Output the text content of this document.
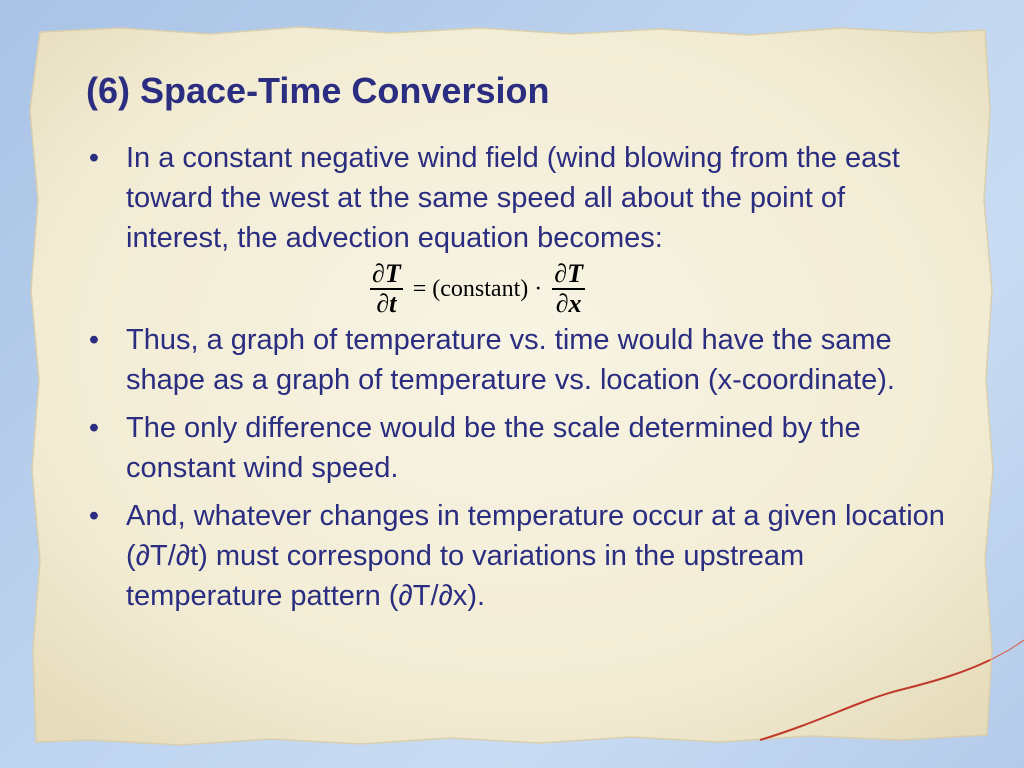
(6) Space-Time Conversion
• In a constant negative wind field (wind blowing from the east toward the west at the same speed all about the point of interest, the advection equation becomes:
$\frac{\partial T}{\partial t}$ = (constant) · $\frac{\partial T}{\partial x}$
• Thus, a graph of temperature vs. time would have the same shape as a graph of temperature vs. location (x-coordinate).
• The only difference would be the scale determined by the constant wind speed.
• And, whatever changes in temperature occur at a given location (∂T/∂t) must correspond to variations in the upstream temperature pattern (∂T/∂x).
